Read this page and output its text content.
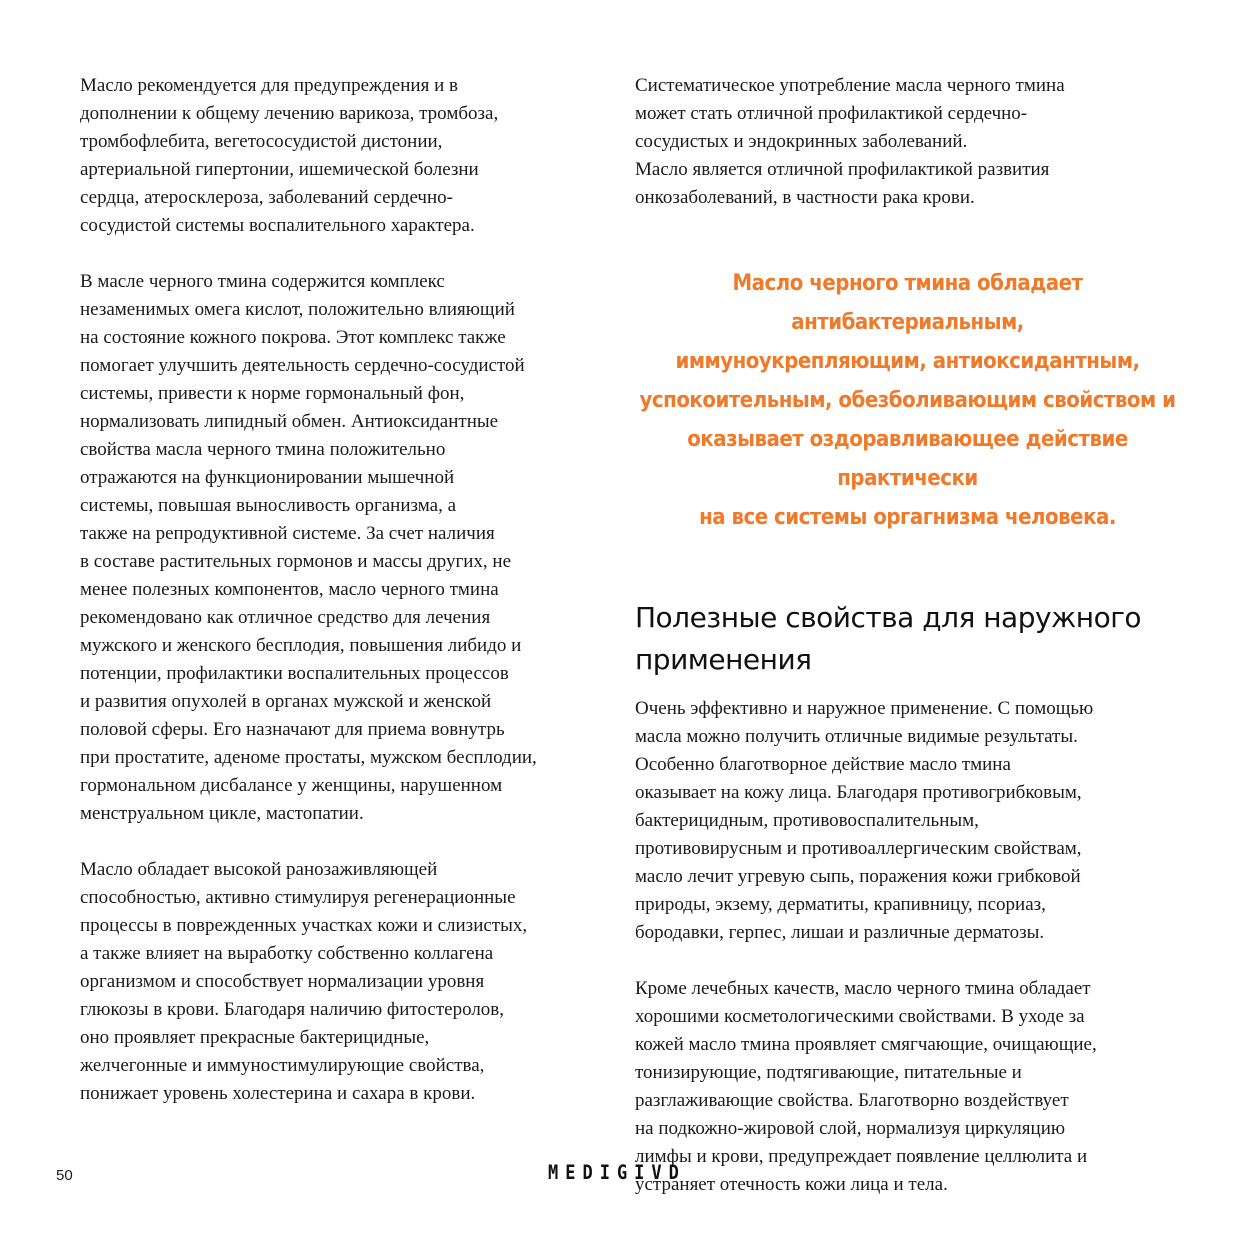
Масло рекомендуется для предупреждения и в
дополнении к общему лечению варикоза, тромбоза,
тромбофлебита, вегетососудистой дистонии,
артериальной гипертонии, ишемической болезни
сердца, атеросклероза, заболеваний сердечно-
сосудистой системы воспалительного характера.

В масле черного тмина содержится комплекс
незаменимых омега кислот, положительно влияющий
на состояние кожного покрова. Этот комплекс также
помогает улучшить деятельность сердечно-сосудистой
системы, привести к норме гормональный фон,
нормализовать липидный обмен. Антиоксидантные
свойства масла черного тмина положительно
отражаются на функционировании мышечной
системы, повышая выносливость организма, а
также на репродуктивной системе. За счет наличия
в составе растительных гормонов и массы других, не
менее полезных компонентов, масло черного тмина
рекомендовано как отличное средство для лечения
мужского и женского бесплодия, повышения либидо и
потенции, профилактики воспалительных процессов
и развития опухолей в органах мужской и женской
половой сферы. Его назначают для приема вовнутрь
при простатите, аденоме простаты, мужском бесплодии,
гормональном дисбалансе у женщины, нарушенном
менструальном цикле, мастопатии.

Масло обладает высокой ранозаживляющей
способностью, активно стимулируя регенерационные
процессы в поврежденных участках кожи и слизистых,
а также влияет на выработку собственно коллагена
организмом и способствует нормализации уровня
глюкозы в крови. Благодаря наличию фитостеролов,
оно проявляет прекрасные бактерицидные,
желчегонные и иммуностимулирующие свойства,
понижает уровень холестерина и сахара в крови.

Систематическое употребление масла черного тмина
может стать отличной профилактикой сердечно-
сосудистых и эндокринных заболеваний.
Масло является отличной профилактикой развития
онкозаболеваний, в частности рака крови.

Масло черного тмина обладает антибактериальным,
иммуноукрепляющим, антиоксидантным,
успокоительным, обезболивающим свойством и
оказывает оздоравливающее действие практически
на все системы оргагнизма человека.
Полезные свойства для наружного
применения

Очень эффективно и наружное применение. С помощью
масла можно получить отличные видимые результаты.
Особенно благотворное действие масло тмина
оказывает на кожу лица. Благодаря противогрибковым,
бактерицидным, противовоспалительным,
противовирусным и противоаллергическим свойствам,
масло лечит угревую сыпь, поражения кожи грибковой
природы, экзему, дерматиты, крапивницу, псориаз,
бородавки, герпес, лишаи и различные дерматозы.

Кроме лечебных качеств, масло черного тмина обладает
хорошими косметологическими свойствами. В уходе за
кожей масло тмина проявляет смягчающие, очищающие,
тонизирующие, подтягивающие, питательные и
разглаживающие свойства. Благотворно воздействует
на подкожно-жировой слой, нормализуя циркуляцию
лимфы и крови, предупреждает появление целлюлита и
устраняет отечность кожи лица и тела.

50	MEDIGIVD
